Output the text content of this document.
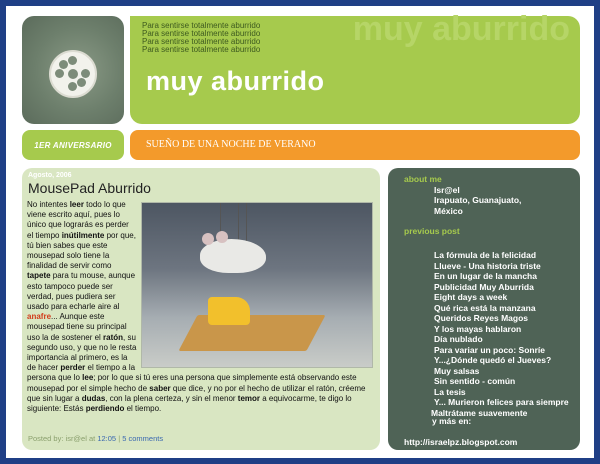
muy aburrido
Para sentirse totalmente aburrido
Para sentirse totalmente aburrido
Para sentirse totalmente aburrido
Para sentirse totalmente aburrido
muy aburrido
1ER ANIVERSARIO	SUEÑO DE UNA NOCHE DE VERANO
Agosto, 2006
MousePad Aburrido
No intentes leer todo lo que viene escrito aquí, pues lo único que lograrás es perder el tiempo inútilmente por que, tú bien sabes que este mousepad solo tiene la finalidad de servir como tapete para tu mouse, aunque esto tampoco puede ser verdad, pues pudiera ser usado para echarle aire al anafre... Aunque este mousepad tiene su principal uso la de sostener el ratón, su segundo uso, y que no le resta importancia al primero, es la de hacer perder el tiempo a la persona que lo lee; por lo que si tú eres una persona que simplemente está observando este mousepad por el simple hecho de saber que dice, y no por el hecho de utilizar el ratón, créeme que sin lugar a dudas, con la plena certeza, y sin el menor temor a equivocarme, te digo lo siguiente: Estás perdiendo el tiempo.
Posted by: isr@el at 12:05 | 5 comments
about me
Isr@el
Irapuato, Guanajuato,
México
previous post
La fórmula de la felicidad
Llueve - Una historia triste
En un lugar de la mancha
Publicidad Muy Aburrida
Eight days a week
Qué rica está la manzana
Queridos Reyes Magos
Y los mayas hablaron
Día nublado
Para variar un poco: Sonríe
Y...¿Dónde quedó el Jueves?
Muy salsas
Sin sentido - común
La tesis
Y... Murieron felices para siempre
Maltrátame suavemente
y más en:
http://israelpz.blogspot.com
